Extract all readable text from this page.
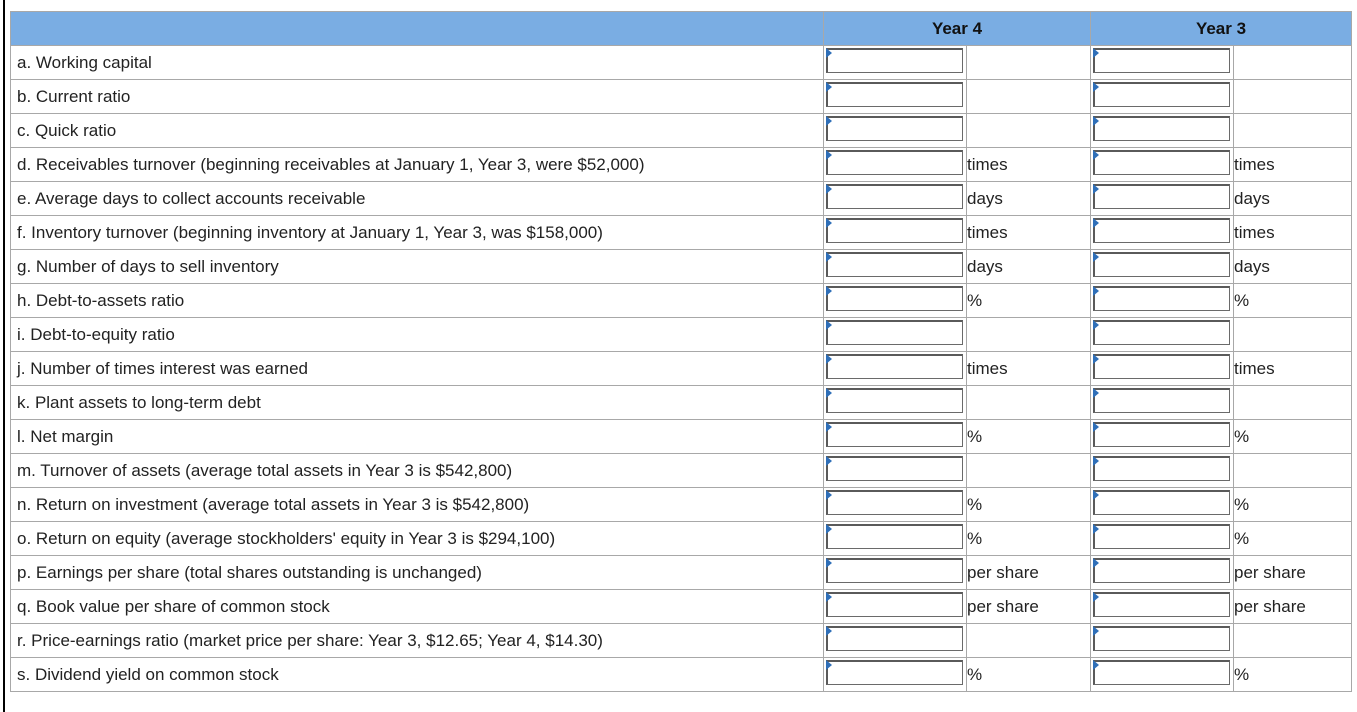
	Year 4		Year 3	
a. Working capital	

b. Current ratio	

c. Quick ratio	

d. Receivables turnover (beginning receivables at January 1, Year 3, were $52,000)		times		times
e. Average days to collect accounts receivable		days		days
f. Inventory turnover (beginning inventory at January 1, Year 3, was $158,000)		times		times
g. Number of days to sell inventory		days		days
h. Debt-to-assets ratio		%		%
i. Debt-to-equity ratio	

j. Number of times interest was earned		times		times
k. Plant assets to long-term debt	

l. Net margin		%		%
m. Turnover of assets (average total assets in Year 3 is $542,800)	

n. Return on investment (average total assets in Year 3 is $542,800)		%		%
o. Return on equity (average stockholders' equity in Year 3 is $294,100)		%		%
p. Earnings per share (total shares outstanding is unchanged)		per share		per share
q. Book value per share of common stock		per share		per share
r. Price-earnings ratio (market price per share: Year 3, $12.65; Year 4, $14.30)	

s. Dividend yield on common stock		%		%
